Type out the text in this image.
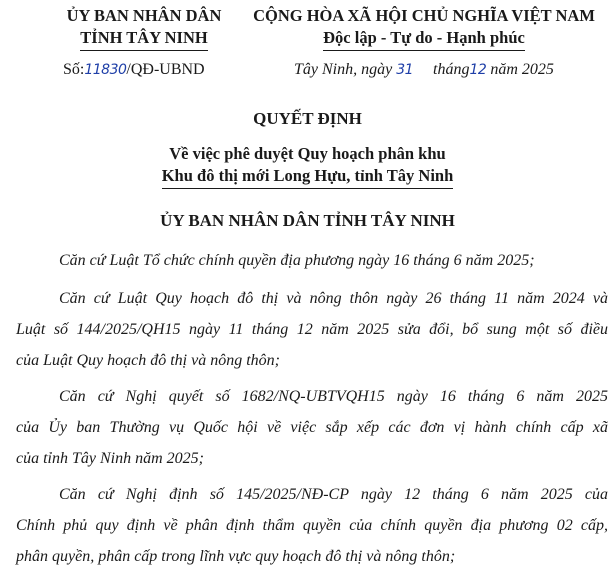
ỦY BAN NHÂN DÂN
TỈNH TÂY NINH
CỘNG HÒA XÃ HỘI CHỦ NGHĨA VIỆT NAM
Độc lập - Tự do - Hạnh phúc
Số:11830/QĐ-UBND	Tây Ninh, ngày 31 tháng12 năm 2025
QUYẾT ĐỊNH
Về việc phê duyệt Quy hoạch phân khu
Khu đô thị mới Long Hựu, tỉnh Tây Ninh
ỦY BAN NHÂN DÂN TỈNH TÂY NINH
Căn cứ Luật Tổ chức chính quyền địa phương ngày 16 tháng 6 năm 2025;
Căn cứ Luật Quy hoạch đô thị và nông thôn ngày 26 tháng 11 năm 2024 và
Luật số 144/2025/QH15 ngày 11 tháng 12 năm 2025 sửa đổi, bổ sung một số điều
của Luật Quy hoạch đô thị và nông thôn;
Căn cứ Nghị quyết số 1682/NQ-UBTVQH15 ngày 16 tháng 6 năm 2025
của Ủy ban Thường vụ Quốc hội về việc sắp xếp các đơn vị hành chính cấp xã
của tỉnh Tây Ninh năm 2025;
Căn cứ Nghị định số 145/2025/NĐ-CP ngày 12 tháng 6 năm 2025 của
Chính phủ quy định về phân định thẩm quyền của chính quyền địa phương 02 cấp,
phân quyền, phân cấp trong lĩnh vực quy hoạch đô thị và nông thôn;
